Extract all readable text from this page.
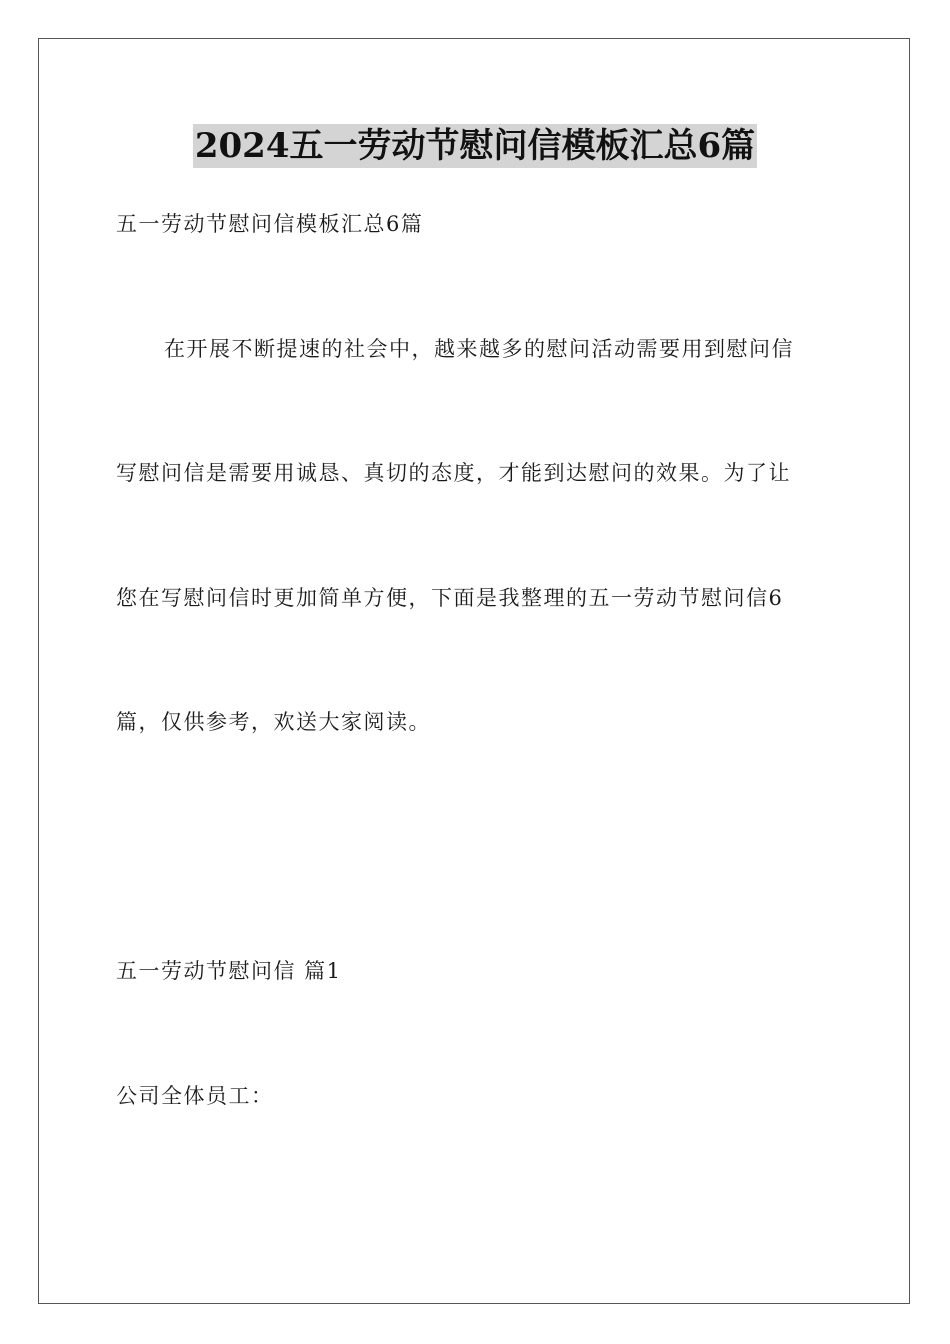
2024五一劳动节慰问信模板汇总6篇
五一劳动节慰问信模板汇总6篇
在开展不断提速的社会中，越来越多的慰问活动需要用到慰问信
写慰问信是需要用诚恳、真切的态度，才能到达慰问的效果。为了让
您在写慰问信时更加简单方便，下面是我整理的五一劳动节慰问信6
篇，仅供参考，欢送大家阅读。
五一劳动节慰问信 篇1
公司全体员工：
